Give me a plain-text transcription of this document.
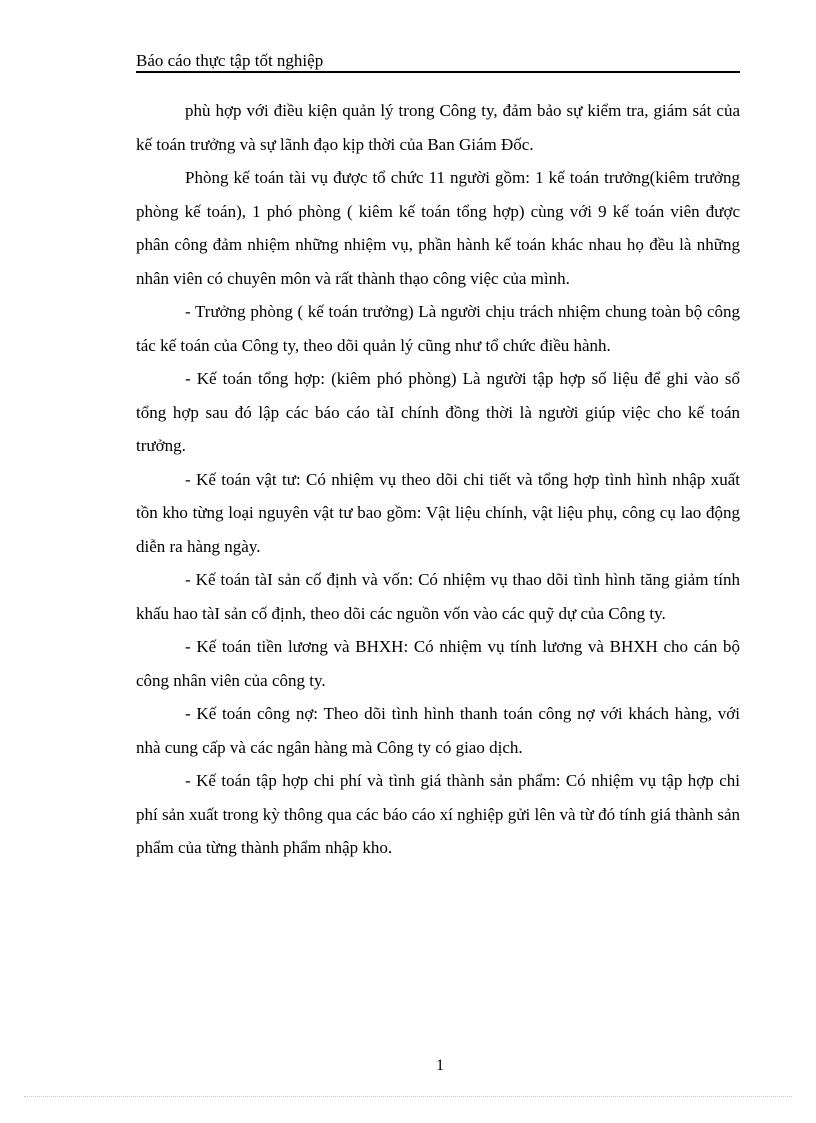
Báo cáo thực tập tốt nghiệp

phù hợp với điều kiện quản lý trong Công ty, đảm bảo sự kiểm tra, giám sát của kế toán trưởng và sự lãnh đạo kịp thời của Ban Giám Đốc.

Phòng kế toán tài vụ được tổ chức 11 người gồm: 1 kế toán trưởng(kiêm trưởng phòng kế toán), 1 phó phòng ( kiêm kế toán tổng hợp) cùng với 9 kế toán viên được phân công đảm nhiệm những nhiệm vụ, phần hành kế toán khác nhau họ đều là những nhân viên có chuyên môn và rất thành thạo công việc của mình.

- Trưởng phòng ( kế toán trưởng) Là người chịu trách nhiệm chung toàn bộ công tác kế toán của Công ty, theo dõi quản lý cũng như tổ chức điều hành.

- Kế toán tổng hợp: (kiêm phó phòng) Là người tập hợp số liệu để ghi vào sổ tổng hợp sau đó lập các báo cáo tàI chính đồng thời là người giúp việc cho kế toán trưởng.

- Kế toán vật tư: Có nhiệm vụ theo dõi chi tiết và tổng hợp tình hình nhập xuất tồn kho từng loại nguyên vật tư bao gồm: Vật liệu chính, vật liệu phụ, công cụ lao động diễn ra hàng ngày.

- Kế toán tàI sản cố định và vốn: Có nhiệm vụ thao dõi tình hình tăng giảm tính khấu hao tàI sản cố định, theo dõi các nguồn vốn vào các quỹ dự của Công ty.

- Kế toán tiền lương và BHXH: Có nhiệm vụ tính lương và BHXH cho cán bộ công nhân viên của công ty.

- Kế toán công nợ: Theo dõi tình hình thanh toán công nợ với khách hàng, với nhà cung cấp và các ngân hàng mà Công ty có giao dịch.

- Kế toán tập hợp chi phí và tình giá thành sản phẩm: Có nhiệm vụ tập hợp chi phí sản xuất trong kỳ thông qua các báo cáo xí nghiệp gửi lên và từ đó tính giá thành sản phẩm của từng thành phẩm nhập kho.

1
